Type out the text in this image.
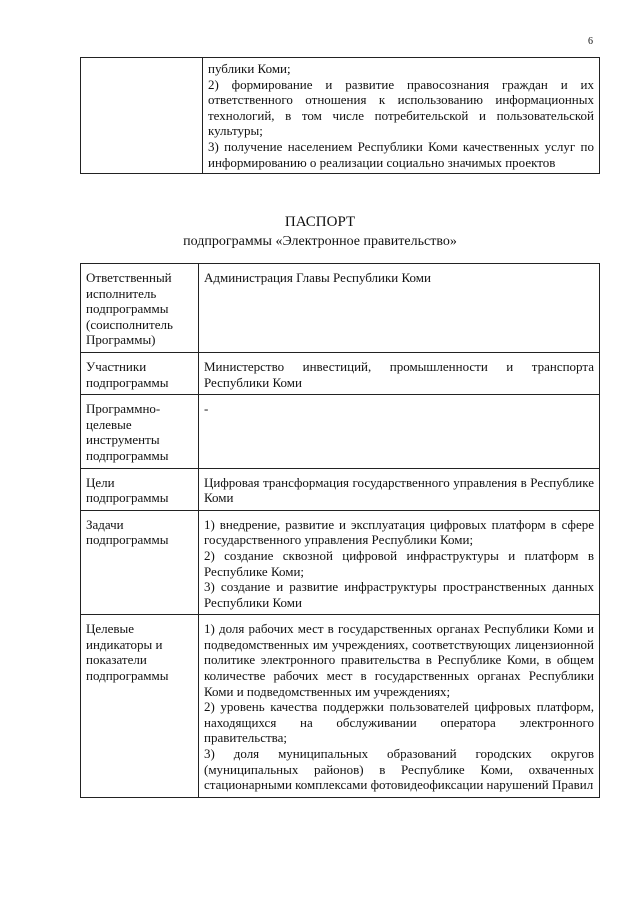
6

публики Коми;

2) формирование и развитие правосознания граждан и их ответственного отношения к использованию информационных технологий, в том числе потребительской и пользовательской культуры;

3) получение населением Республики Коми качественных услуг по информированию о реализации социально значимых проектов

ПАСПОРТ
подпрограммы «Электронное правительство»
Ответственный исполнитель подпрограммы (соисполнитель Программы)	Администрация Главы Республики Коми

Участники подпрограммы	Министерство инвестиций, промышленности и транспорта Республики Коми

Программно-целевые инструменты подпрограммы	-

Цели подпрограммы	Цифровая трансформация государственного управления в Республике Коми

Задачи подпрограммы	1) внедрение, развитие и эксплуатация цифровых платформ в сфере государственного управления Республики Коми;

2) создание сквозной цифровой инфраструктуры и платформ в Республике Коми;

3) создание и развитие инфраструктуры пространственных данных Республики Коми

Целевые индикаторы и показатели подпрограммы	1) доля рабочих мест в государственных органах Республики Коми и подведомственных им учреждениях, соответствующих лицензионной политике электронного правительства в Республике Коми, в общем количестве рабочих мест в государственных органах Республики Коми и подведомственных им учреждениях;

2) уровень качества поддержки пользователей цифровых платформ, находящихся на обслуживании оператора электронного правительства;

3) доля муниципальных образований городских округов (муниципальных районов) в Республике Коми, охваченных стационарными комплексами фотовидеофиксации нарушений Правил
